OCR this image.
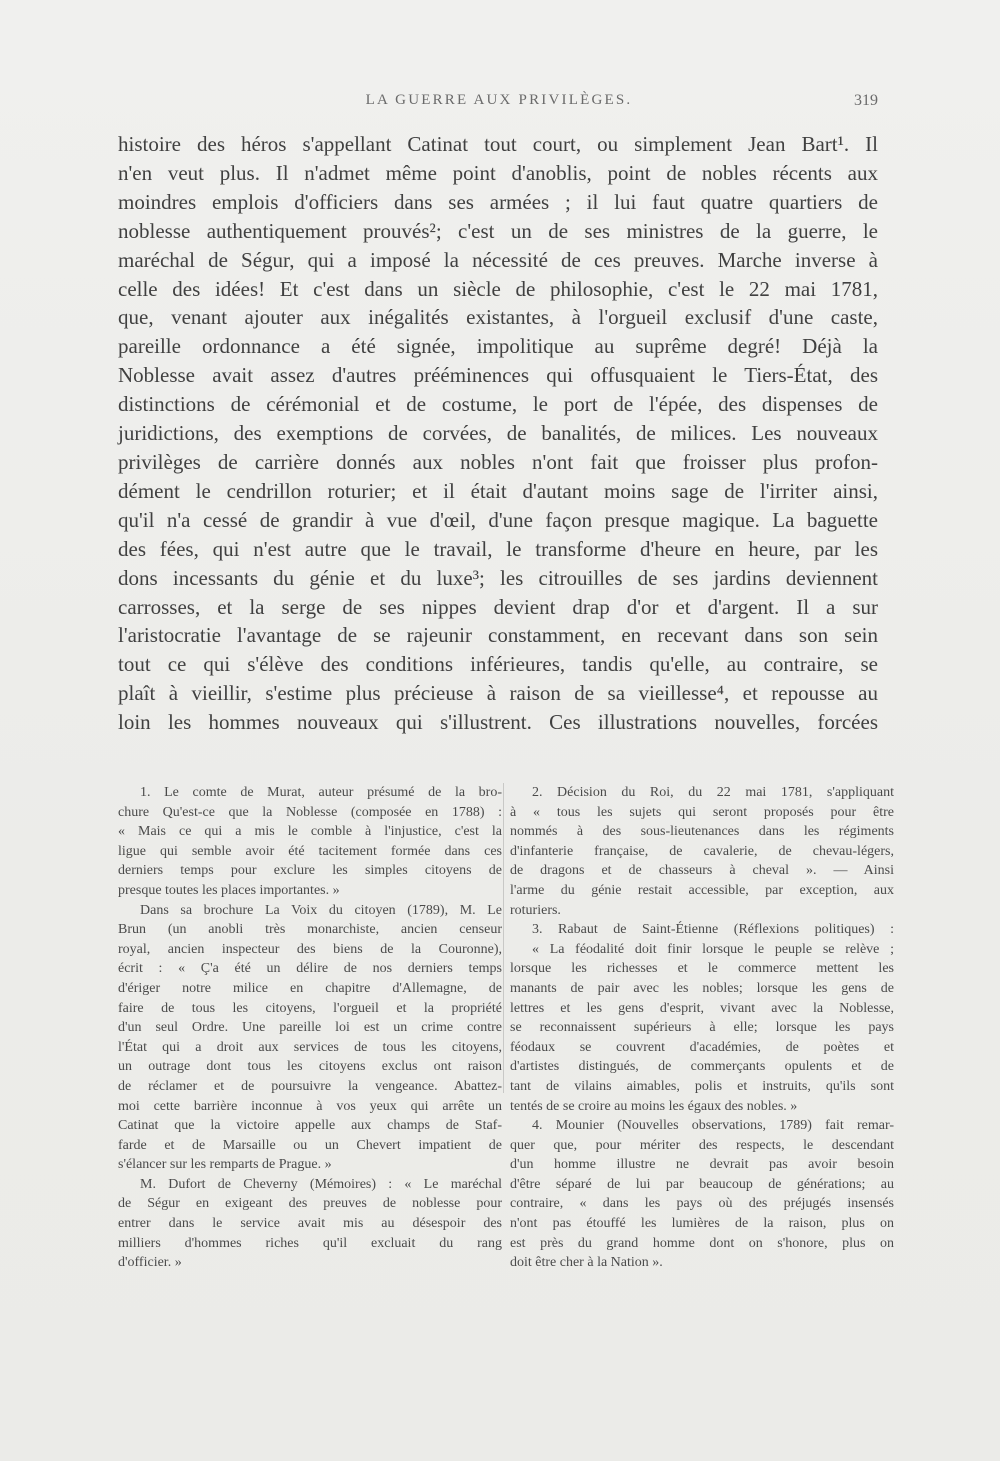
LA GUERRE AUX PRIVILÈGES.	319
histoire des héros s'appellant Catinat tout court, ou simplement Jean Bart¹. Il
n'en veut plus. Il n'admet même point d'anoblis, point de nobles récents aux
moindres emplois d'officiers dans ses armées ; il lui faut quatre quartiers de
noblesse authentiquement prouvés²; c'est un de ses ministres de la guerre, le
maréchal de Ségur, qui a imposé la nécessité de ces preuves. Marche inverse à
celle des idées! Et c'est dans un siècle de philosophie, c'est le 22 mai 1781,
que, venant ajouter aux inégalités existantes, à l'orgueil exclusif d'une caste,
pareille ordonnance a été signée, impolitique au suprême degré! Déjà la
Noblesse avait assez d'autres prééminences qui offusquaient le Tiers-État, des
distinctions de cérémonial et de costume, le port de l'épée, des dispenses de
juridictions, des exemptions de corvées, de banalités, de milices. Les nouveaux
privilèges de carrière donnés aux nobles n'ont fait que froisser plus profon-
dément le cendrillon roturier; et il était d'autant moins sage de l'irriter ainsi,
qu'il n'a cessé de grandir à vue d'œil, d'une façon presque magique. La baguette
des fées, qui n'est autre que le travail, le transforme d'heure en heure, par les
dons incessants du génie et du luxe³; les citrouilles de ses jardins deviennent
carrosses, et la serge de ses nippes devient drap d'or et d'argent. Il a sur
l'aristocratie l'avantage de se rajeunir constamment, en recevant dans son sein
tout ce qui s'élève des conditions inférieures, tandis qu'elle, au contraire, se
plaît à vieillir, s'estime plus précieuse à raison de sa vieillesse⁴, et repousse au
loin les hommes nouveaux qui s'illustrent. Ces illustrations nouvelles, forcées
1. Le comte de Murat, auteur présumé de la bro-
chure Qu'est-ce que la Noblesse (composée en 1788) :
« Mais ce qui a mis le comble à l'injustice, c'est la
ligue qui semble avoir été tacitement formée dans ces
derniers temps pour exclure les simples citoyens de
presque toutes les places importantes. »
Dans sa brochure La Voix du citoyen (1789), M. Le
Brun (un anobli très monarchiste, ancien censeur
royal, ancien inspecteur des biens de la Couronne),
écrit : « Ç'a été un délire de nos derniers temps
d'ériger notre milice en chapitre d'Allemagne, de
faire de tous les citoyens, l'orgueil et la propriété
d'un seul Ordre. Une pareille loi est un crime contre
l'État qui a droit aux services de tous les citoyens,
un outrage dont tous les citoyens exclus ont raison
de réclamer et de poursuivre la vengeance. Abattez-
moi cette barrière inconnue à vos yeux qui arrête un
Catinat que la victoire appelle aux champs de Staf-
farde et de Marsaille ou un Chevert impatient de
s'élancer sur les remparts de Prague. »
M. Dufort de Cheverny (Mémoires) : « Le maréchal
de Ségur en exigeant des preuves de noblesse pour
entrer dans le service avait mis au désespoir des
milliers d'hommes riches qu'il excluait du rang
d'officier. »
2. Décision du Roi, du 22 mai 1781, s'appliquant
à « tous les sujets qui seront proposés pour être
nommés à des sous-lieutenances dans les régiments
d'infanterie française, de cavalerie, de chevau-légers,
de dragons et de chasseurs à cheval ». — Ainsi
l'arme du génie restait accessible, par exception, aux
roturiers.
3. Rabaut de Saint-Étienne (Réflexions politiques) :
« La féodalité doit finir lorsque le peuple se relève ;
lorsque les richesses et le commerce mettent les
manants de pair avec les nobles; lorsque les gens de
lettres et les gens d'esprit, vivant avec la Noblesse,
se reconnaissent supérieurs à elle; lorsque les pays
féodaux se couvrent d'académies, de poètes et
d'artistes distingués, de commerçants opulents et de
tant de vilains aimables, polis et instruits, qu'ils sont
tentés de se croire au moins les égaux des nobles. »
4. Mounier (Nouvelles observations, 1789) fait remar-
quer que, pour mériter des respects, le descendant
d'un homme illustre ne devrait pas avoir besoin
d'être séparé de lui par beaucoup de générations; au
contraire, « dans les pays où des préjugés insensés
n'ont pas étouffé les lumières de la raison, plus on
est près du grand homme dont on s'honore, plus on
doit être cher à la Nation ».
